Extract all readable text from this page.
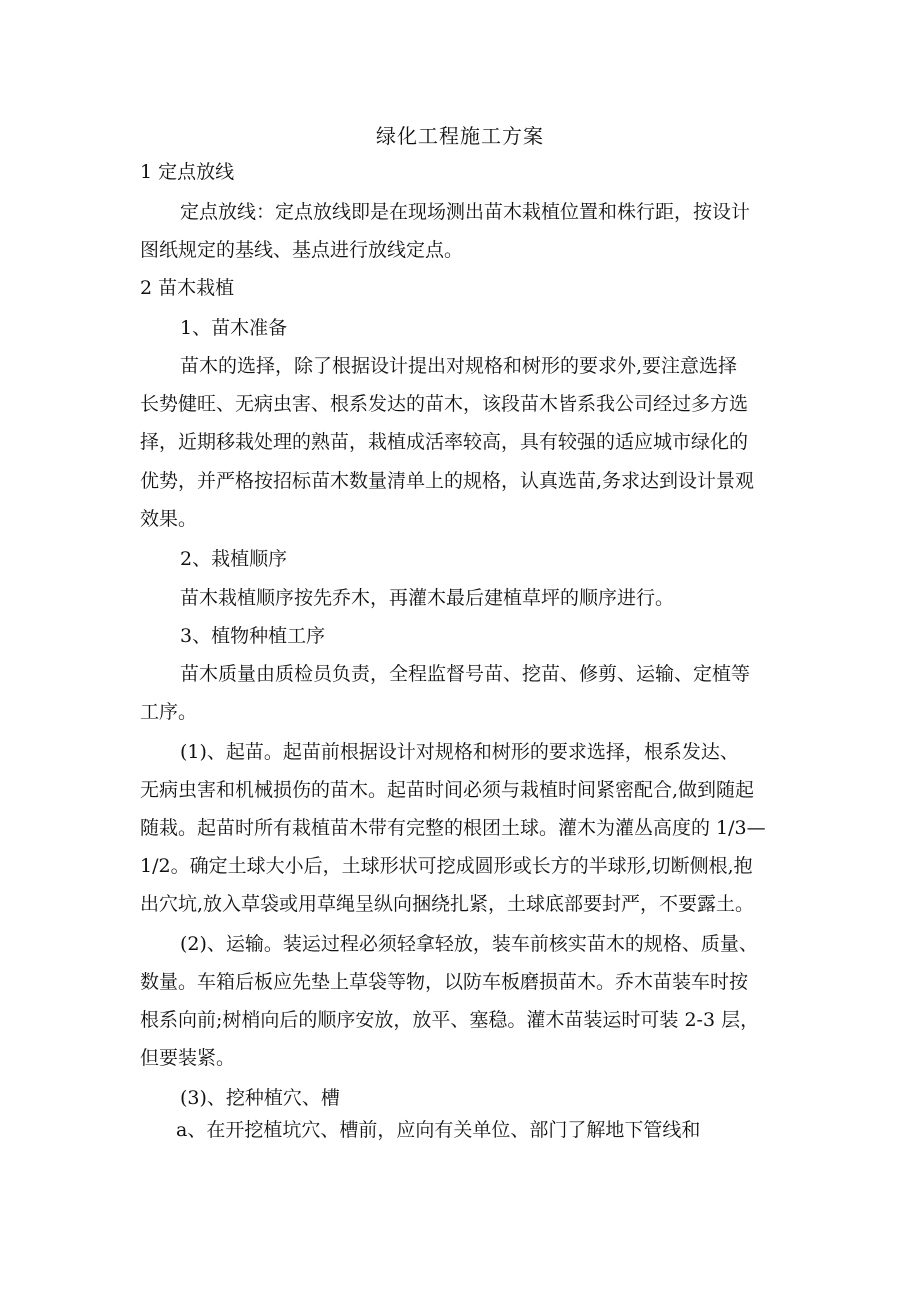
绿化工程施工方案
1 定点放线
定点放线：定点放线即是在现场测出苗木栽植位置和株行距，按设计
图纸规定的基线、基点进行放线定点。
2 苗木栽植
1、苗木准备
苗木的选择，除了根据设计提出对规格和树形的要求外,要注意选择
长势健旺、无病虫害、根系发达的苗木，该段苗木皆系我公司经过多方选
择，近期移栽处理的熟苗，栽植成活率较高，具有较强的适应城市绿化的
优势，并严格按招标苗木数量清单上的规格，认真选苗,务求达到设计景观
效果。
2、栽植顺序
苗木栽植顺序按先乔木，再灌木最后建植草坪的顺序进行。
3、植物种植工序
苗木质量由质检员负责，全程监督号苗、挖苗、修剪、运输、定植等
工序。
(1)、起苗。起苗前根据设计对规格和树形的要求选择，根系发达、
无病虫害和机械损伤的苗木。起苗时间必须与栽植时间紧密配合,做到随起
随栽。起苗时所有栽植苗木带有完整的根团土球。灌木为灌丛高度的 1/3—
1/2。确定土球大小后，土球形状可挖成圆形或长方的半球形,切断侧根,抱
出穴坑,放入草袋或用草绳呈纵向捆绕扎紧，土球底部要封严，不要露土。
(2)、运输。装运过程必须轻拿轻放，装车前核实苗木的规格、质量、
数量。车箱后板应先垫上草袋等物，以防车板磨损苗木。乔木苗装车时按
根系向前;树梢向后的顺序安放，放平、塞稳。灌木苗装运时可装 2-3 层，
但要装紧。
(3)、挖种植穴、槽
a、在开挖植坑穴、槽前，应向有关单位、部门了解地下管线和
